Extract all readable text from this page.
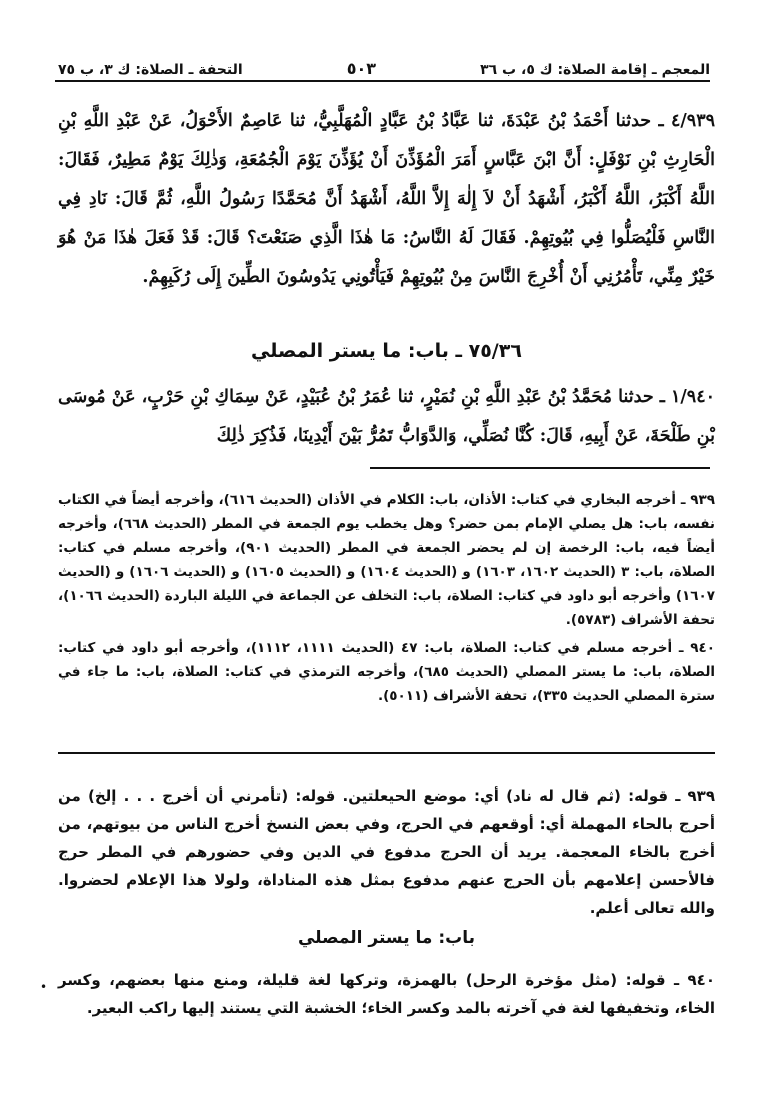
المعجم ـ إقامة الصلاة: ك ٥، ب ٣٦
٥٠٣
التحفة ـ الصلاة: ك ٣، ب ٧٥
٤/٩٣٩ ـ حدثنا أَحْمَدُ بْنُ عَبْدَةَ، ثنا عَبَّادُ بْنُ عَبَّادٍ الْمُهَلَّبِيُّ، ثنا عَاصِمٌ الأَحْوَلُ، عَنْ عَبْدِ اللَّهِ بْنِ الْحَارِثِ بْنِ نَوْفَلٍ: أَنَّ ابْنَ عَبَّاسٍ أَمَرَ الْمُؤَذِّنَ أَنْ يُؤَذِّنَ يَوْمَ الْجُمُعَةِ، وَذٰلِكَ يَوْمٌ مَطِيرٌ، فَقَالَ: اللَّهُ أَكْبَرُ، اللَّهُ أَكْبَرُ، أَشْهَدُ أَنْ لاَ إِلٰهَ إِلاَّ اللَّهُ، أَشْهَدُ أَنَّ مُحَمَّدًا رَسُولُ اللَّهِ، ثُمَّ قَالَ: نَادِ فِي النَّاسِ فَلْيُصَلُّوا فِي بُيُوتِهِمْ. فَقَالَ لَهُ النَّاسُ: مَا هٰذَا الَّذِي صَنَعْتَ؟ قَالَ: قَدْ فَعَلَ هٰذَا مَنْ هُوَ خَيْرٌ مِنِّي، تَأْمُرُنِي أَنْ أُخْرِجَ النَّاسَ مِنْ بُيُوتِهِمْ فَيَأْتُونِي يَدُوسُونَ الطِّينَ إِلَى رُكَبِهِمْ.
٧٥/٣٦ ـ باب: ما يستر المصلي
١/٩٤٠ ـ حدثنا مُحَمَّدُ بْنُ عَبْدِ اللَّهِ بْنِ نُمَيْرٍ، ثنا عُمَرُ بْنُ عُبَيْدٍ، عَنْ سِمَاكِ بْنِ حَرْبٍ، عَنْ مُوسَى بْنِ طَلْحَةَ، عَنْ أَبِيهِ، قَالَ: كُنَّا نُصَلِّي، وَالدَّوَابُّ تَمُرُّ بَيْنَ أَيْدِينَا، فَذُكِرَ ذٰلِكَ

٩٣٩ ـ أخرجه البخاري في كتاب: الأذان، باب: الكلام في الأذان (الحديث ٦١٦)، وأخرجه أيضاً في الكتاب نفسه، باب: هل يصلي الإمام بمن حضر؟ وهل يخطب يوم الجمعة في المطر (الحديث ٦٦٨)، وأخرجه أيضاً فيه، باب: الرخصة إن لم يحضر الجمعة في المطر (الحديث ٩٠١)، وأخرجه مسلم في كتاب: الصلاة، باب: ٣ (الحديث ١٦٠٢، ١٦٠٣) و (الحديث ١٦٠٤) و (الحديث ١٦٠٥) و (الحديث ١٦٠٦) و (الحديث ١٦٠٧) وأخرجه أبو داود في كتاب: الصلاة، باب: التخلف عن الجماعة في الليلة الباردة (الحديث ١٠٦٦)، تحفة الأشراف (٥٧٨٣).

٩٤٠ ـ أخرجه مسلم في كتاب: الصلاة، باب: ٤٧ (الحديث ١١١١، ١١١٢)، وأخرجه أبو داود في كتاب: الصلاة، باب: ما يستر المصلي (الحديث ٦٨٥)، وأخرجه الترمذي في كتاب: الصلاة، باب: ما جاء في سترة المصلي الحديث ٣٣٥)، تحفة الأشراف (٥٠١١).

٩٣٩ ـ قوله: (ثم قال له ناد) أي: موضع الحيعلتين. قوله: (تأمرني أن أخرج . . . إلخ) من أحرج بالحاء المهملة أي: أوقعهم في الحرج، وفي بعض النسخ أخرج الناس من بيوتهم، من أخرج بالخاء المعجمة. يريد أن الحرج مدفوع في الدين وفي حضورهم في المطر حرج فالأحسن إعلامهم بأن الحرج عنهم مدفوع بمثل هذه المناداة، ولولا هذا الإعلام لحضروا. والله تعالى أعلم.
باب: ما يستر المصلي
٩٤٠ ـ قوله: (مثل مؤخرة الرحل) بالهمزة، وتركها لغة قليلة، ومنع منها بعضهم، وكسر الخاء، وتخفيفها لغة في آخرته بالمد وكسر الخاء؛ الخشبة التي يستند إليها راكب البعير.
•
